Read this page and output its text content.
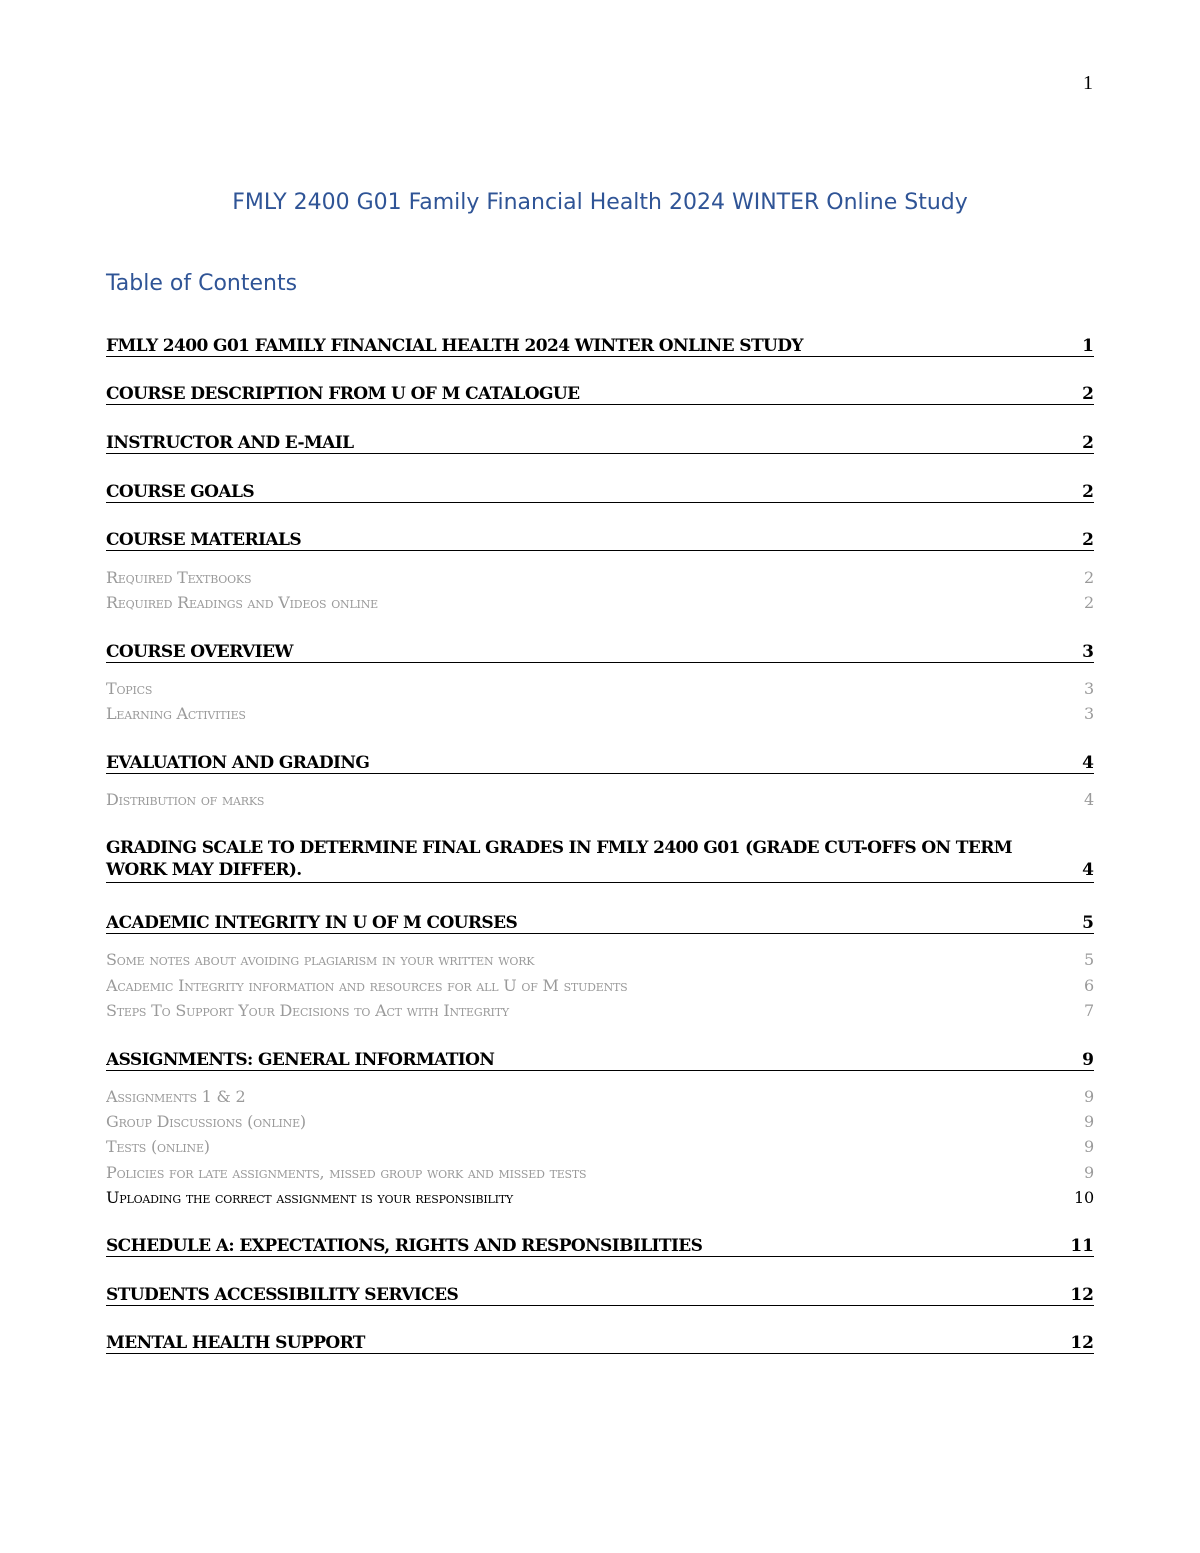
1
FMLY 2400 G01 Family Financial Health 2024 WINTER Online Study
Table of Contents
FMLY 2400 G01 FAMILY FINANCIAL HEALTH 2024 WINTER ONLINE STUDY	1
COURSE DESCRIPTION FROM U OF M CATALOGUE	2
INSTRUCTOR AND E-MAIL	2
COURSE GOALS	2
COURSE MATERIALS	2
Required Textbooks	2
Required Readings and Videos online	2
COURSE OVERVIEW	3
Topics	3
Learning Activities	3
EVALUATION AND GRADING	4
Distribution of marks	4
GRADING SCALE TO DETERMINE FINAL GRADES IN FMLY 2400 G01 (GRADE CUT-OFFS ON TERM
WORK MAY DIFFER).	4
ACADEMIC INTEGRITY IN U OF M COURSES	5
Some notes about avoiding plagiarism in your written work	5
Academic Integrity information and resources for all U of M students	6
Steps To Support Your Decisions to Act with Integrity	7
ASSIGNMENTS: GENERAL INFORMATION	9
Assignments 1 & 2	9
Group Discussions (online)	9
Tests (online)	9
Policies for late assignments, missed group work and missed tests	9
Uploading the correct assignment is your responsibility	10
SCHEDULE A: EXPECTATIONS, RIGHTS AND RESPONSIBILITIES	11
STUDENTS ACCESSIBILITY SERVICES	12
MENTAL HEALTH SUPPORT	12
